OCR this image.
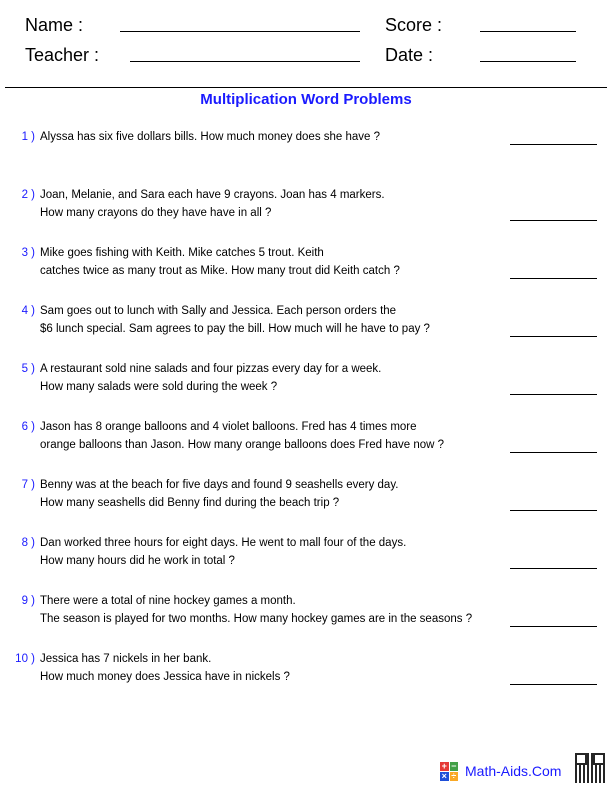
Name :	Score :
Teacher :	Date :
Multiplication Word Problems
1 ) Alyssa has six five dollars bills. How much money does she have ?
2 ) Joan, Melanie, and Sara each have 9 crayons. Joan has 4 markers.
How many crayons do they have have in all ?
3 ) Mike goes fishing with Keith. Mike catches 5 trout. Keith
catches twice as many trout as Mike. How many trout did Keith catch ?
4 ) Sam goes out to lunch with Sally and Jessica. Each person orders the
$6 lunch special. Sam agrees to pay the bill. How much will he have to pay ?
5 ) A restaurant sold nine salads and four pizzas every day for a week.
How many salads were sold during the week ?
6 ) Jason has 8 orange balloons and 4 violet balloons. Fred has 4 times more
orange balloons than Jason. How many orange balloons does Fred have now ?
7 ) Benny was at the beach for five days and found 9 seashells every day.
How many seashells did Benny find during the beach trip ?
8 ) Dan worked three hours for eight days. He went to mall four of the days.
How many hours did he work in total ?
9 ) There were a total of nine hockey games a month.
The season is played for two months. How many hockey games are in the seasons ?
10 ) Jessica has 7 nickels in her bank.
How much money does Jessica have in nickels ?
+ −
× ÷ Math-Aids.Com
